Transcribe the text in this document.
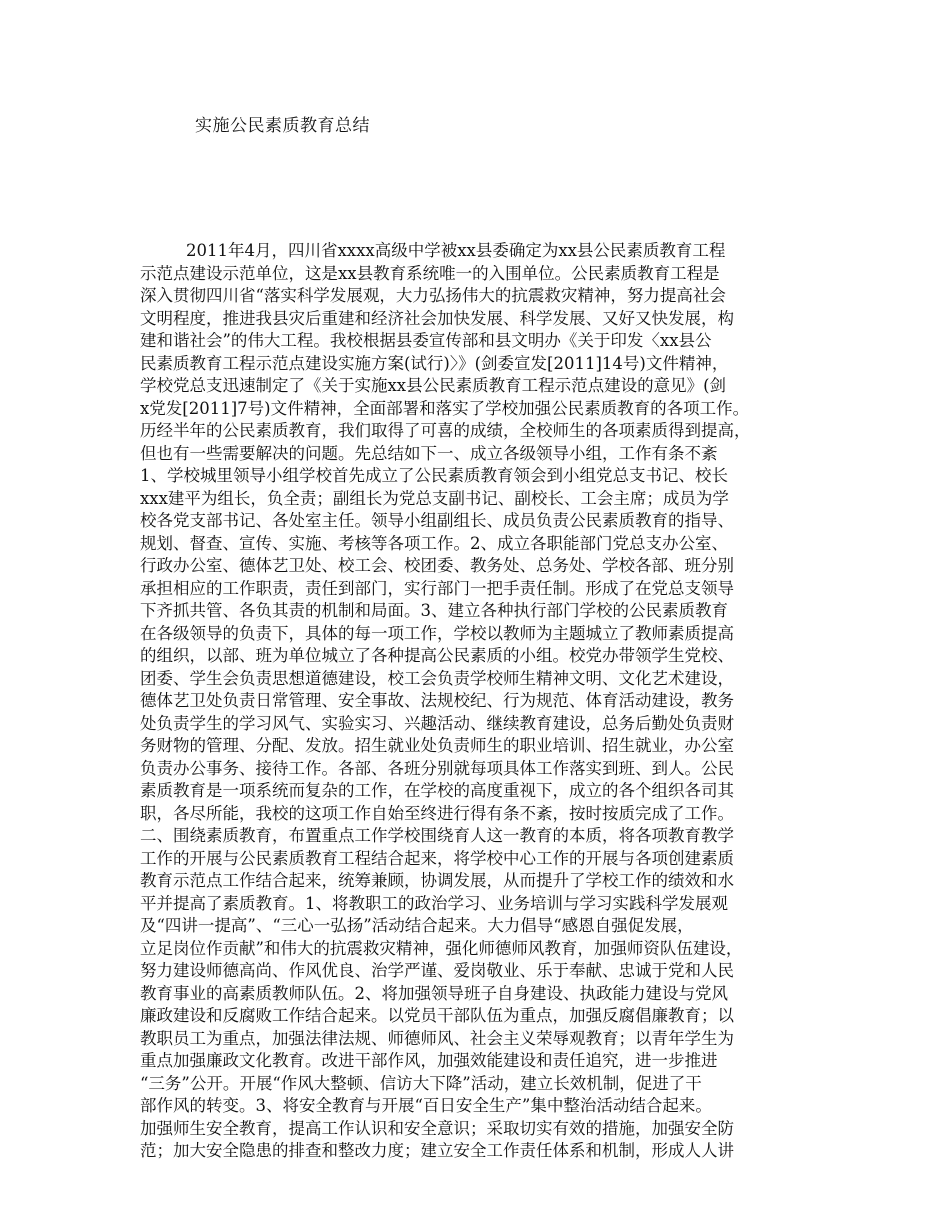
实施公民素质教育总结
2011年4月，四川省xxxx高级中学被xx县委确定为xx县公民素质教育工程
示范点建设示范单位，这是xx县教育系统唯一的入围单位。公民素质教育工程是
深入贯彻四川省“落实科学发展观，大力弘扬伟大的抗震救灾精神，努力提高社会
文明程度，推进我县灾后重建和经济社会加快发展、科学发展、又好又快发展，构
建和谐社会”的伟大工程。我校根据县委宣传部和县文明办《关于印发〈xx县公
民素质教育工程示范点建设实施方案(试行)〉》(剑委宣发[2011]14号)文件精神，
学校党总支迅速制定了《关于实施xx县公民素质教育工程示范点建设的意见》(剑
x党发[2011]7号)文件精神，全面部署和落实了学校加强公民素质教育的各项工作。
历经半年的公民素质教育，我们取得了可喜的成绩，全校师生的各项素质得到提高，
但也有一些需要解决的问题。先总结如下一、成立各级领导小组，工作有条不紊
1、学校城里领导小组学校首先成立了公民素质教育领会到小组党总支书记、校长
xxx建平为组长，负全责；副组长为党总支副书记、副校长、工会主席；成员为学
校各党支部书记、各处室主任。领导小组副组长、成员负责公民素质教育的指导、
规划、督查、宣传、实施、考核等各项工作。2、成立各职能部门党总支办公室、
行政办公室、德体艺卫处、校工会、校团委、教务处、总务处、学校各部、班分别
承担相应的工作职责，责任到部门，实行部门一把手责任制。形成了在党总支领导
下齐抓共管、各负其责的机制和局面。3、建立各种执行部门学校的公民素质教育
在各级领导的负责下，具体的每一项工作，学校以教师为主题城立了教师素质提高
的组织，以部、班为单位城立了各种提高公民素质的小组。校党办带领学生党校、
团委、学生会负责思想道德建设，校工会负责学校师生精神文明、文化艺术建设，
德体艺卫处负责日常管理、安全事故、法规校纪、行为规范、体育活动建设，教务
处负责学生的学习风气、实验实习、兴趣活动、继续教育建设，总务后勤处负责财
务财物的管理、分配、发放。招生就业处负责师生的职业培训、招生就业，办公室
负责办公事务、接待工作。各部、各班分别就每项具体工作落实到班、到人。公民
素质教育是一项系统而复杂的工作，在学校的高度重视下，成立的各个组织各司其
职，各尽所能，我校的这项工作自始至终进行得有条不紊，按时按质完成了工作。
二、围绕素质教育，布置重点工作学校围绕育人这一教育的本质，将各项教育教学
工作的开展与公民素质教育工程结合起来，将学校中心工作的开展与各项创建素质
教育示范点工作结合起来，统筹兼顾，协调发展，从而提升了学校工作的绩效和水
平并提高了素质教育。1、将教职工的政治学习、业务培训与学习实践科学发展观
及“四讲一提高”、“三心一弘扬”活动结合起来。大力倡导“感恩自强促发展，
立足岗位作贡献”和伟大的抗震救灾精神，强化师德师风教育，加强师资队伍建设，
努力建设师德高尚、作风优良、治学严谨、爱岗敬业、乐于奉献、忠诚于党和人民
教育事业的高素质教师队伍。2、将加强领导班子自身建设、执政能力建设与党风
廉政建设和反腐败工作结合起来。以党员干部队伍为重点，加强反腐倡廉教育；以
教职员工为重点，加强法律法规、师德师风、社会主义荣辱观教育；以青年学生为
重点加强廉政文化教育。改进干部作风，加强效能建设和责任追究，进一步推进
“三务”公开。开展“作风大整顿、信访大下降”活动，建立长效机制，促进了干
部作风的转变。3、将安全教育与开展“百日安全生产”集中整治活动结合起来。
加强师生安全教育，提高工作认识和安全意识；采取切实有效的措施，加强安全防
范；加大安全隐患的排查和整改力度；建立安全工作责任体系和机制，形成人人讲
